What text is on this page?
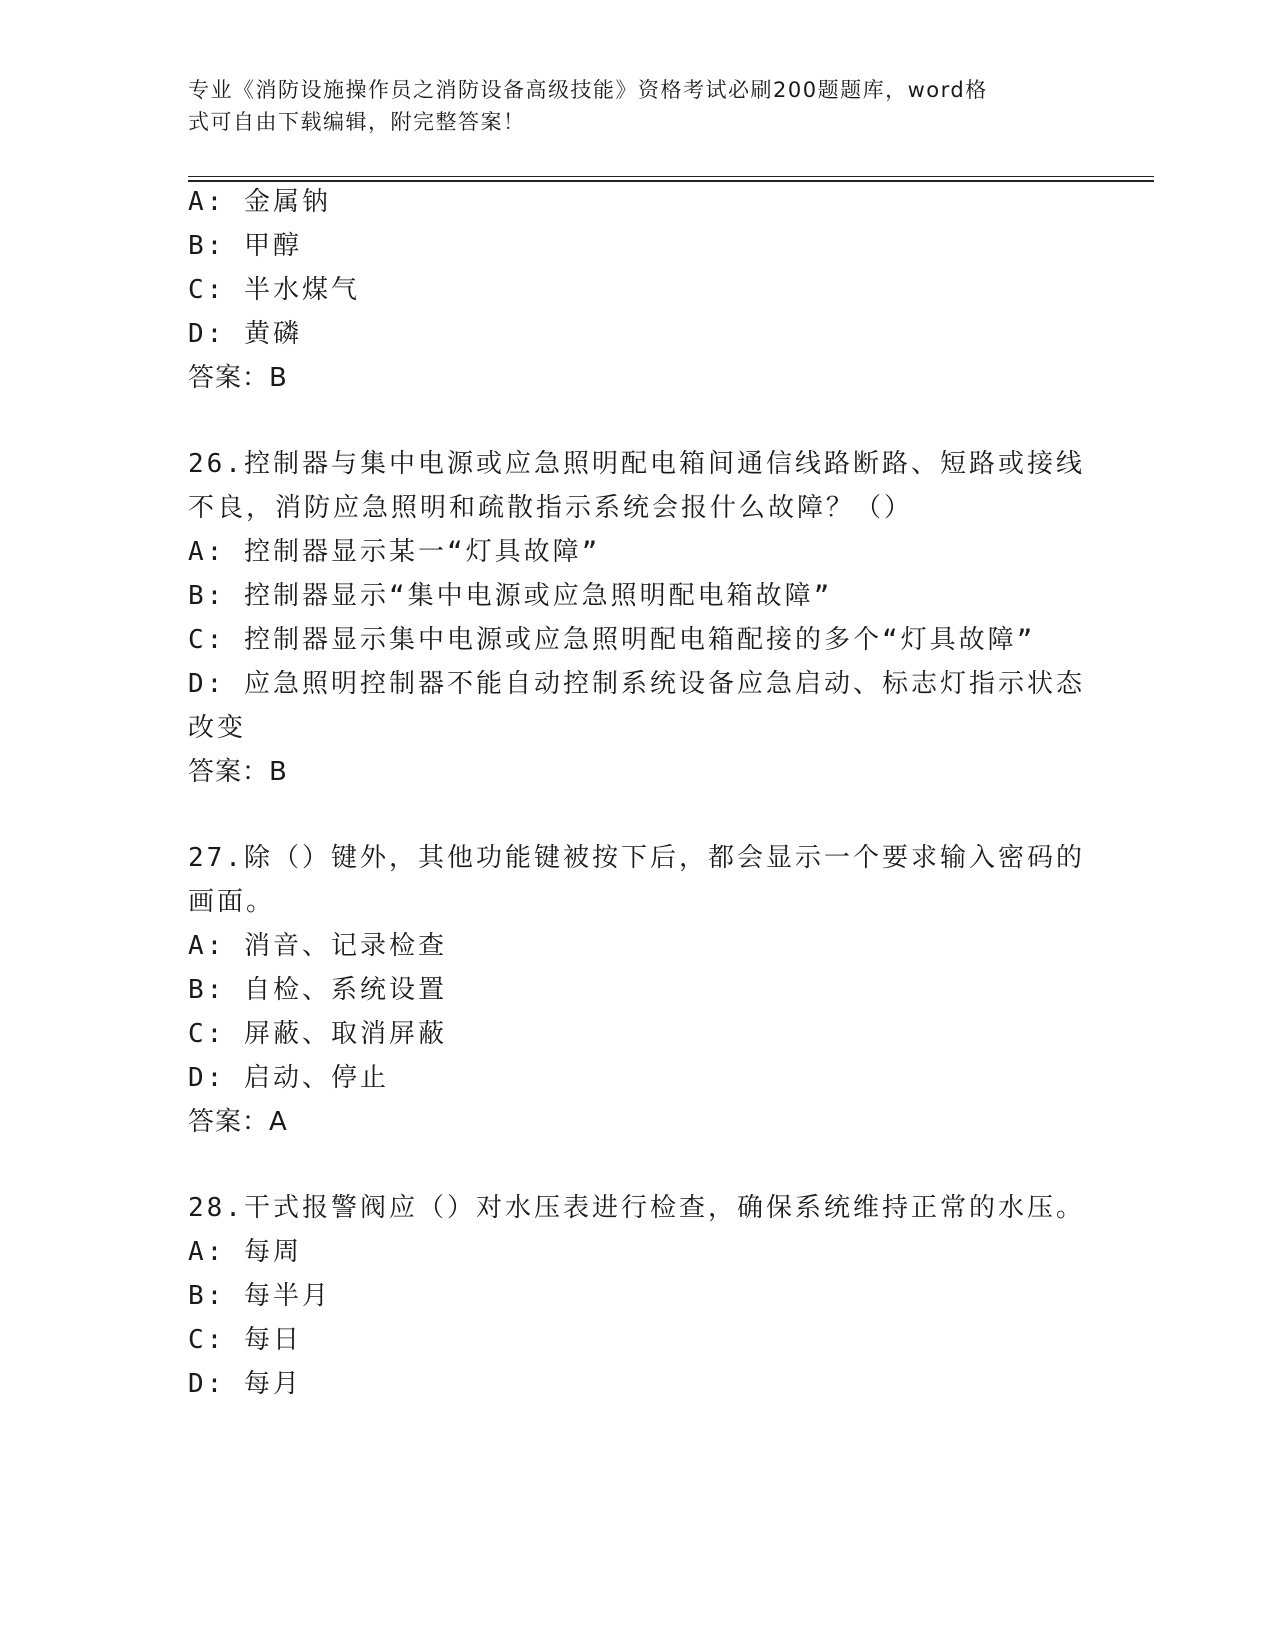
专业《消防设施操作员之消防设备高级技能》资格考试必刷200题题库，word格
式可自由下载编辑，附完整答案！

A: 金属钠

B: 甲醇

C: 半水煤气

D: 黄磷

答案：B

26.控制器与集中电源或应急照明配电箱间通信线路断路、短路或接线

不良，消防应急照明和疏散指示系统会报什么故障？（）

A: 控制器显示某一“灯具故障”

B: 控制器显示“集中电源或应急照明配电箱故障”

C: 控制器显示集中电源或应急照明配电箱配接的多个“灯具故障”

D: 应急照明控制器不能自动控制系统设备应急启动、标志灯指示状态

改变

答案：B

27.除（）键外，其他功能键被按下后，都会显示一个要求输入密码的

画面。

A: 消音、记录检查

B: 自检、系统设置

C: 屏蔽、取消屏蔽

D: 启动、停止

答案：A

28.干式报警阀应（）对水压表进行检查，确保系统维持正常的水压。

A: 每周

B: 每半月

C: 每日

D: 每月
